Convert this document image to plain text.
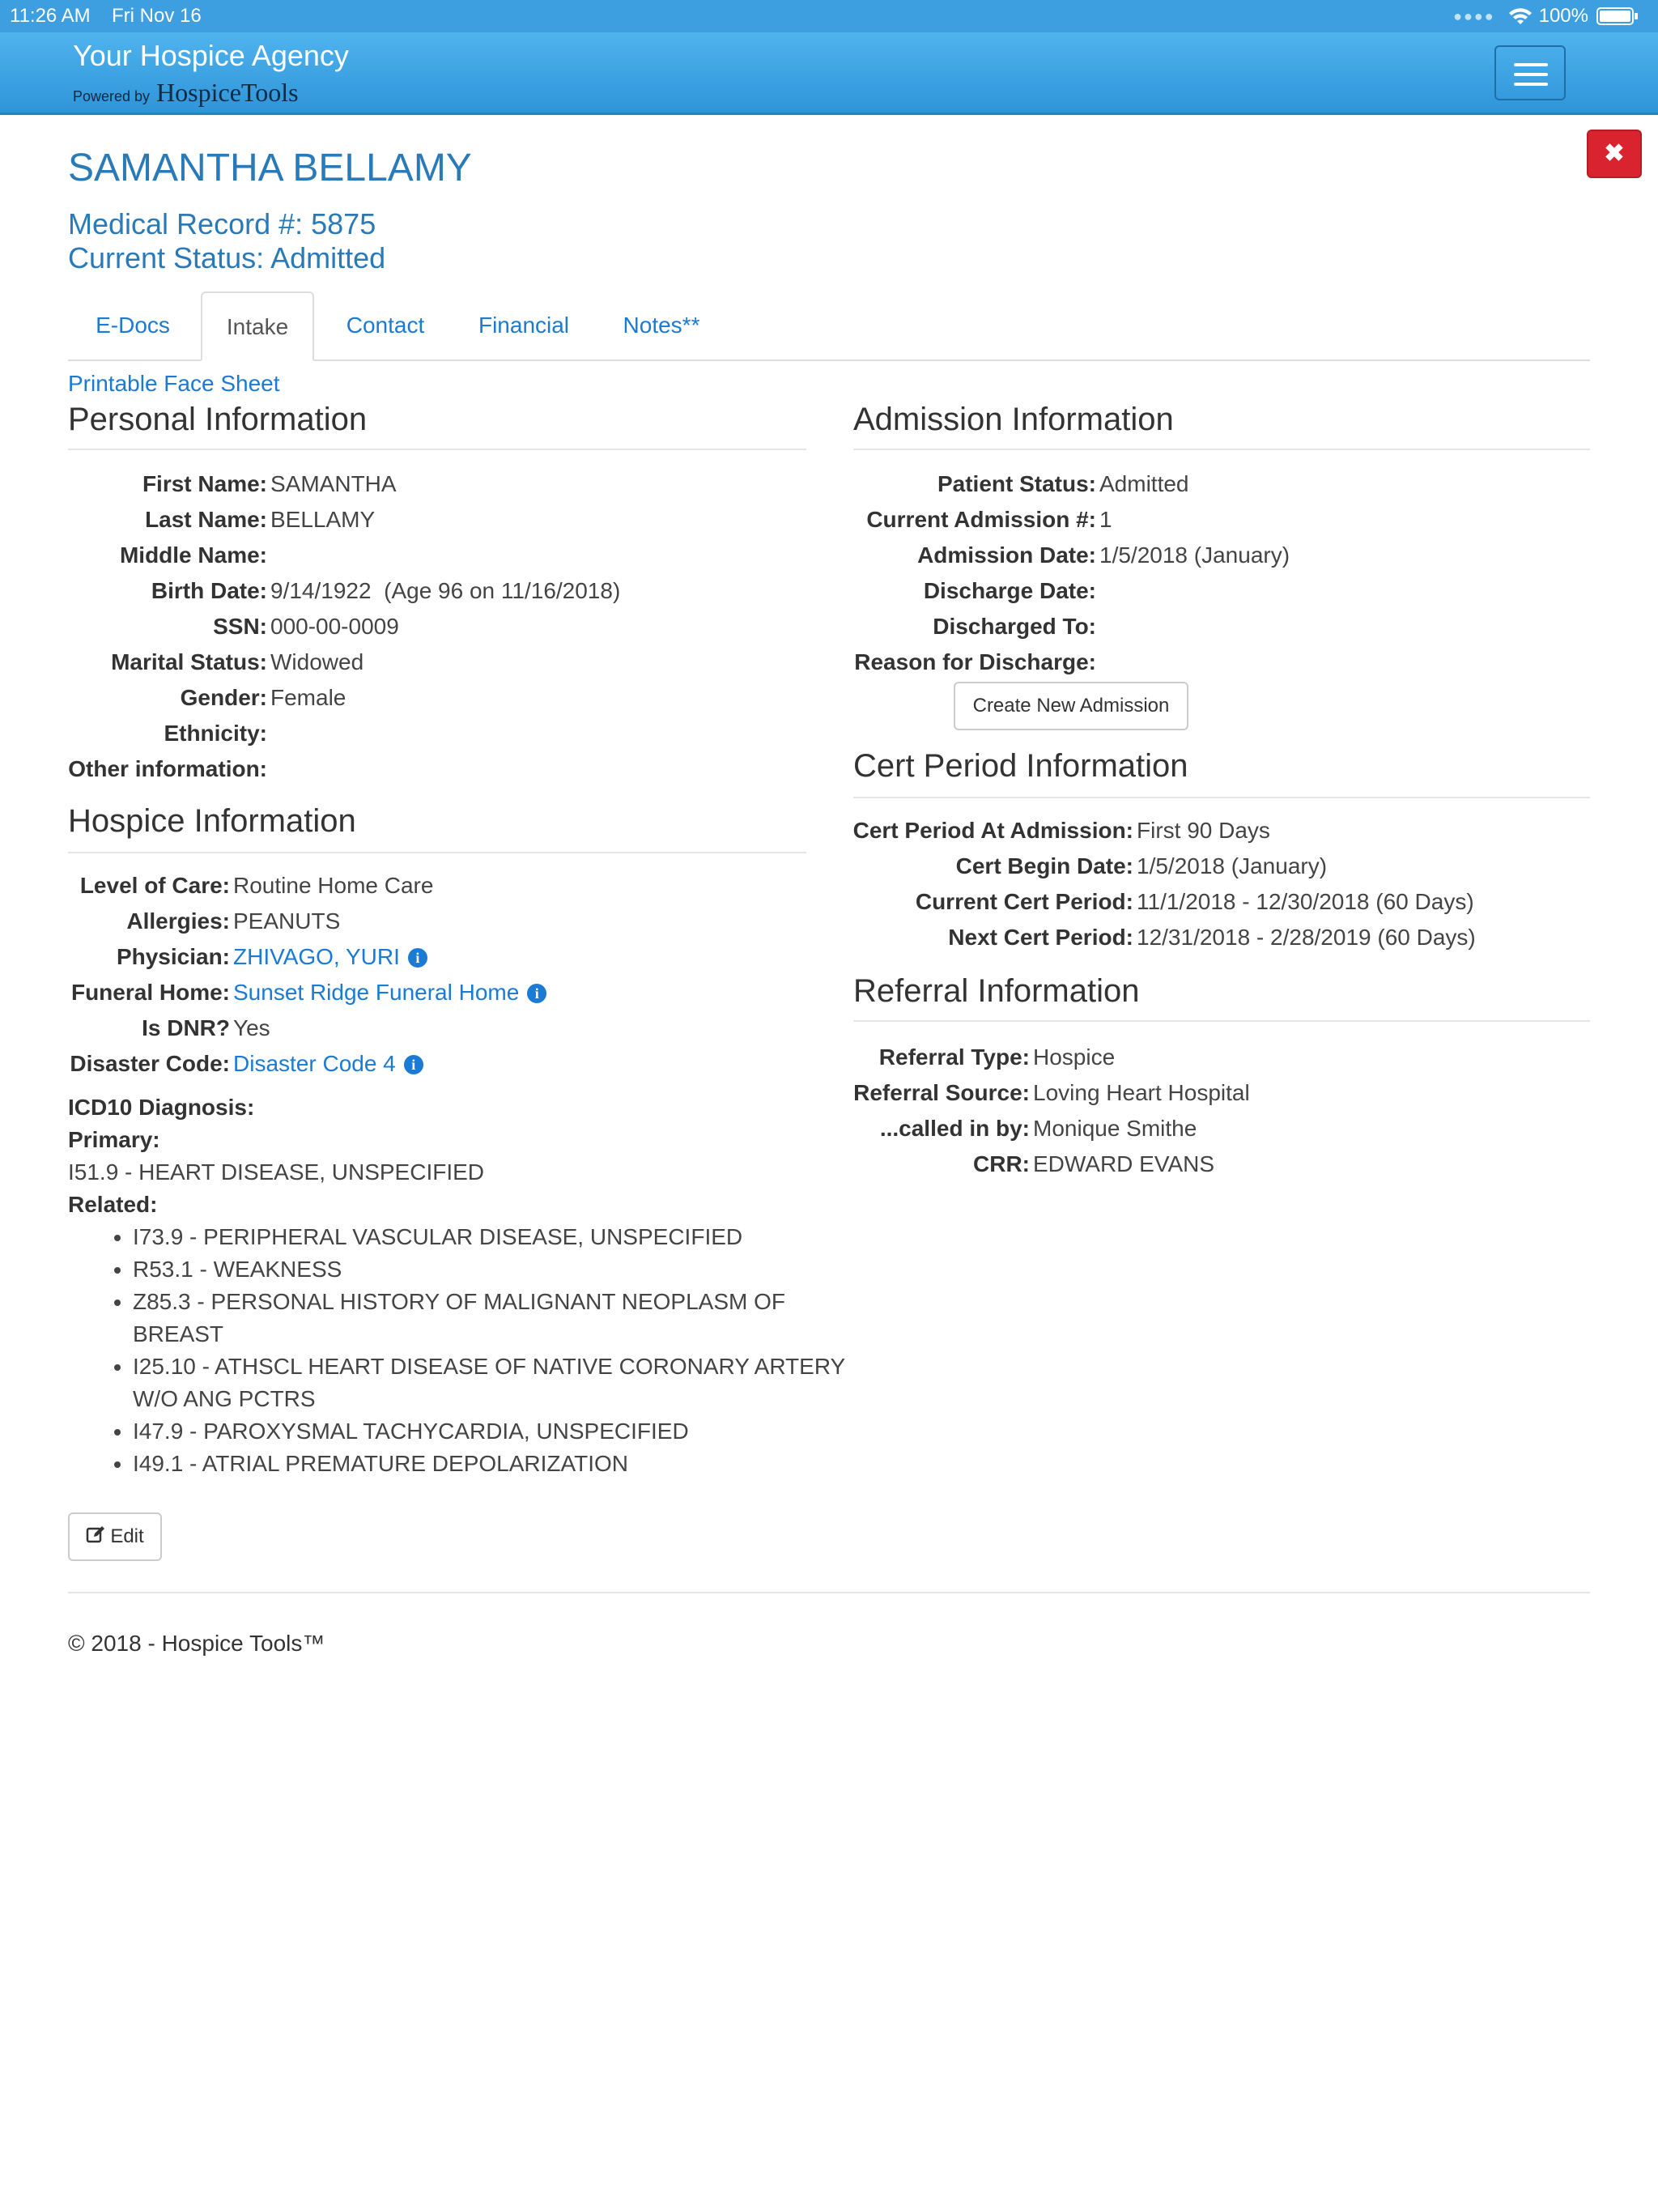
11:26 AM Fri Nov 16	●●●● 100%
Your Hospice Agency
Powered by HospiceTools
✖
SAMANTHA BELLAMY
Medical Record #: 5875
Current Status: Admitted
E-Docs	Intake	Contact	Financial	Notes**
Printable Face Sheet
Personal Information
First Name: SAMANTHA
Last Name: BELLAMY
Middle Name:
Birth Date: 9/14/1922  (Age 96 on 11/16/2018)
SSN: 000-00-0009
Marital Status: Widowed
Gender: Female
Ethnicity:
Other information:
Hospice Information
Level of Care: Routine Home Care
Allergies: PEANUTS
Physician: ZHIVAGO, YURI i
Funeral Home: Sunset Ridge Funeral Home i
Is DNR? Yes
Disaster Code: Disaster Code 4 i
ICD10 Diagnosis:
Primary:
I51.9 - HEART DISEASE, UNSPECIFIED
Related:
• I73.9 - PERIPHERAL VASCULAR DISEASE, UNSPECIFIED
• R53.1 - WEAKNESS
• Z85.3 - PERSONAL HISTORY OF MALIGNANT NEOPLASM OF BREAST
• I25.10 - ATHSCL HEART DISEASE OF NATIVE CORONARY ARTERY W/O ANG PCTRS
• I47.9 - PAROXYSMAL TACHYCARDIA, UNSPECIFIED
• I49.1 - ATRIAL PREMATURE DEPOLARIZATION
Edit
Admission Information
Patient Status: Admitted
Current Admission #: 1
Admission Date: 1/5/2018 (January)
Discharge Date:
Discharged To:
Reason for Discharge:
Create New Admission
Cert Period Information
Cert Period At Admission: First 90 Days
Cert Begin Date: 1/5/2018 (January)
Current Cert Period: 11/1/2018 - 12/30/2018 (60 Days)
Next Cert Period: 12/31/2018 - 2/28/2019 (60 Days)
Referral Information
Referral Type: Hospice
Referral Source: Loving Heart Hospital
...called in by: Monique Smithe
CRR: EDWARD EVANS
© 2018 - Hospice Tools™
